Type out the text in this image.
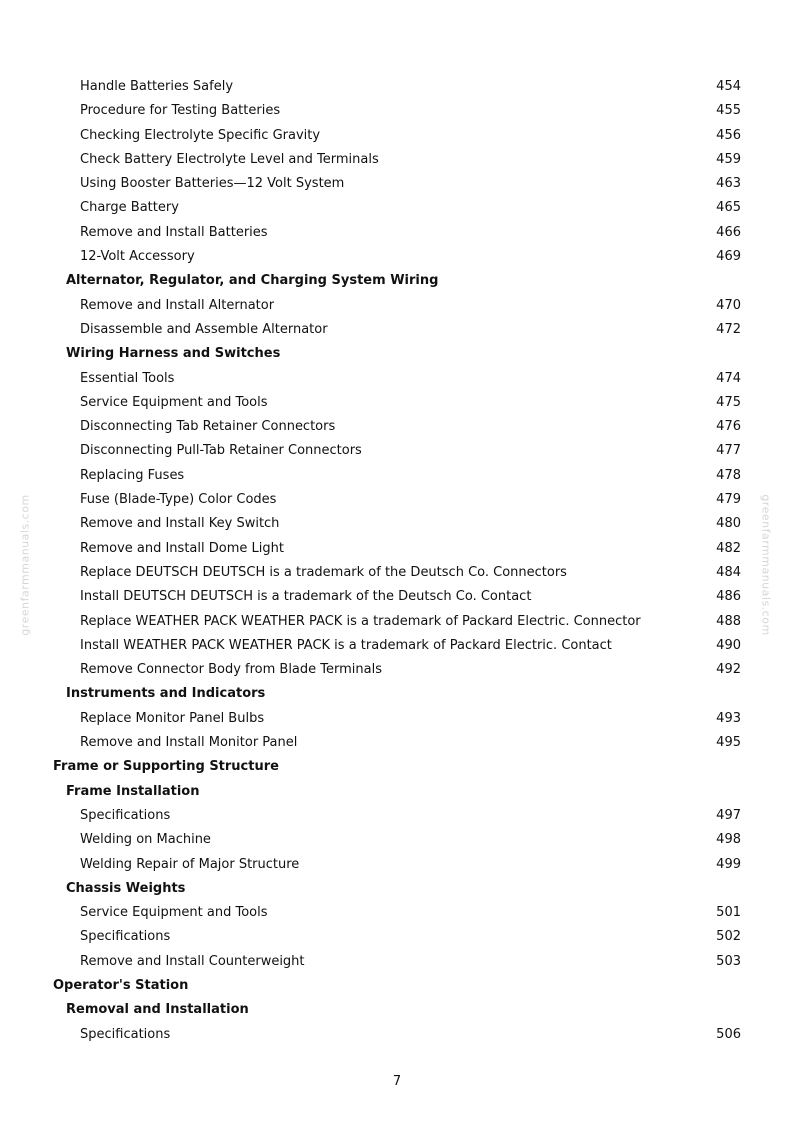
greenfarmmanuals.com	greenfarmmanuals.com
Handle Batteries Safely	454
Procedure for Testing Batteries	455
Checking Electrolyte Specific Gravity	456
Check Battery Electrolyte Level and Terminals	459
Using Booster Batteries—12 Volt System	463
Charge Battery	465
Remove and Install Batteries	466
12-Volt Accessory	469
Alternator, Regulator, and Charging System Wiring
Remove and Install Alternator	470
Disassemble and Assemble Alternator	472
Wiring Harness and Switches
Essential Tools	474
Service Equipment and Tools	475
Disconnecting Tab Retainer Connectors	476
Disconnecting Pull-Tab Retainer Connectors	477
Replacing Fuses	478
Fuse (Blade-Type) Color Codes	479
Remove and Install Key Switch	480
Remove and Install Dome Light	482
Replace DEUTSCH DEUTSCH is a trademark of the Deutsch Co. Connectors	484
Install DEUTSCH DEUTSCH is a trademark of the Deutsch Co. Contact	486
Replace WEATHER PACK WEATHER PACK is a trademark of Packard Electric. Connector	488
Install WEATHER PACK WEATHER PACK is a trademark of Packard Electric. Contact	490
Remove Connector Body from Blade Terminals	492
Instruments and Indicators
Replace Monitor Panel Bulbs	493
Remove and Install Monitor Panel	495
Frame or Supporting Structure
Frame Installation
Specifications	497
Welding on Machine	498
Welding Repair of Major Structure	499
Chassis Weights
Service Equipment and Tools	501
Specifications	502
Remove and Install Counterweight	503
Operator's Station
Removal and Installation
Specifications	506
7
